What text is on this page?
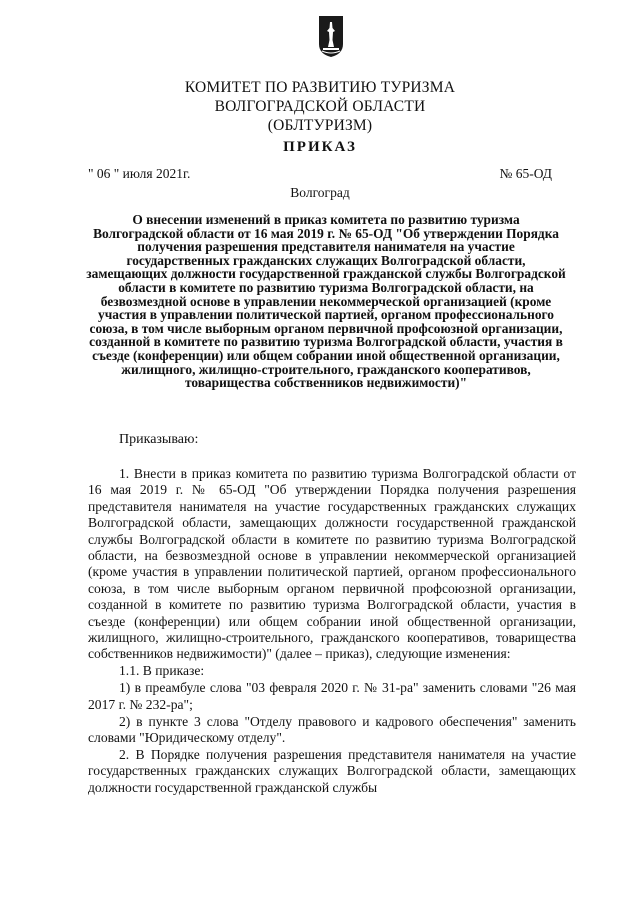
КОМИТЕТ ПО РАЗВИТИЮ ТУРИЗМА
ВОЛГОГРАДСКОЙ ОБЛАСТИ
(ОБЛТУРИЗМ)
ПРИКАЗ
" 06 " июля 2021г.	№ 65-ОД
Волгоград
О внесении изменений в приказ комитета по развитию туризма Волгоградской области от 16 мая 2019 г. № 65-ОД "Об утверждении Порядка получения разрешения представителя нанимателя на участие государственных гражданских служащих Волгоградской области, замещающих должности государственной гражданской службы Волгоградской области в комитете по развитию туризма Волгоградской области, на безвозмездной основе в управлении некоммерческой организацией (кроме участия в управлении политической партией, органом профессионального союза, в том числе выборным органом первичной профсоюзной организации, созданной в комитете по развитию туризма Волгоградской области, участия в съезде (конференции) или общем собрании иной общественной организации, жилищного, жилищно-строительного, гражданского кооперативов, товарищества собственников недвижимости)"
Приказываю:

1. Внести в приказ комитета по развитию туризма Волгоградской области от 16 мая 2019 г. № 65-ОД "Об утверждении Порядка получения разрешения представителя нанимателя на участие государственных гражданских служащих Волгоградской области, замещающих должности государственной гражданской службы Волгоградской области в комитете по развитию туризма Волгоградской области, на безвозмездной основе в управлении некоммерческой организацией (кроме участия в управлении политической партией, органом профессионального союза, в том числе выборным органом первичной профсоюзной организации, созданной в комитете по развитию туризма Волгоградской области, участия в съезде (конференции) или общем собрании иной общественной организации, жилищного, жилищно-строительного, гражданского кооперативов, товарищества собственников недвижимости)" (далее – приказ), следующие изменения:

1.1. В приказе:

1) в преамбуле слова "03 февраля 2020 г. № 31-ра" заменить словами "26 мая 2017 г. № 232-ра";

2) в пункте 3 слова "Отделу правового и кадрового обеспечения" заменить словами "Юридическому отделу".

2. В Порядке получения разрешения представителя нанимателя на участие государственных гражданских служащих Волгоградской области, замещающих должности государственной гражданской службы
